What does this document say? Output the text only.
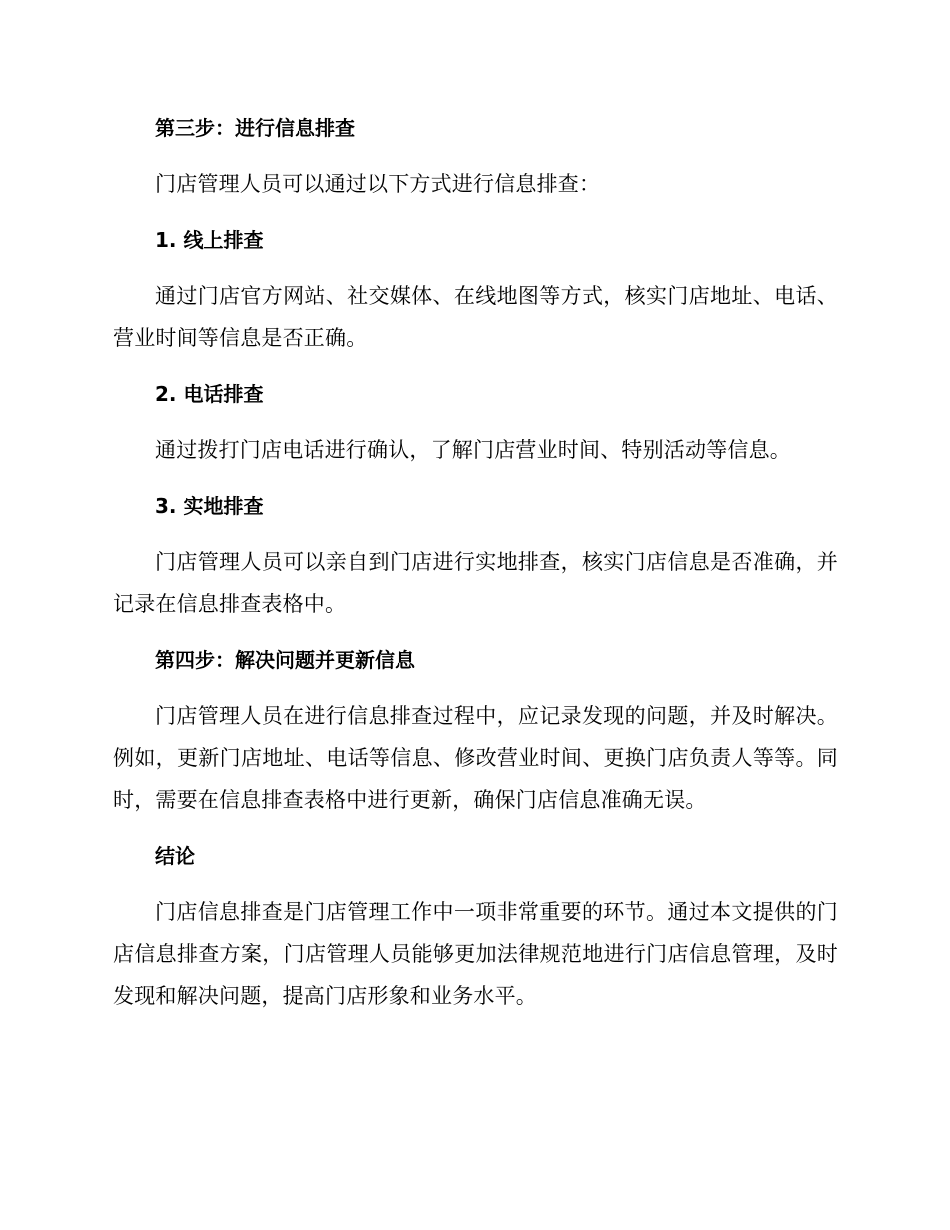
第三步：进行信息排查

门店管理人员可以通过以下方式进行信息排查：

1. 线上排查

通过门店官方网站、社交媒体、在线地图等方式，核实门店地址、电话、营业时间等信息是否正确。

2. 电话排查

通过拨打门店电话进行确认，了解门店营业时间、特别活动等信息。

3. 实地排查

门店管理人员可以亲自到门店进行实地排查，核实门店信息是否准确，并记录在信息排查表格中。

第四步：解决问题并更新信息

门店管理人员在进行信息排查过程中，应记录发现的问题，并及时解决。例如，更新门店地址、电话等信息、修改营业时间、更换门店负责人等等。同时，需要在信息排查表格中进行更新，确保门店信息准确无误。

结论

门店信息排查是门店管理工作中一项非常重要的环节。通过本文提供的门店信息排查方案，门店管理人员能够更加法律规范地进行门店信息管理，及时发现和解决问题，提高门店形象和业务水平。
